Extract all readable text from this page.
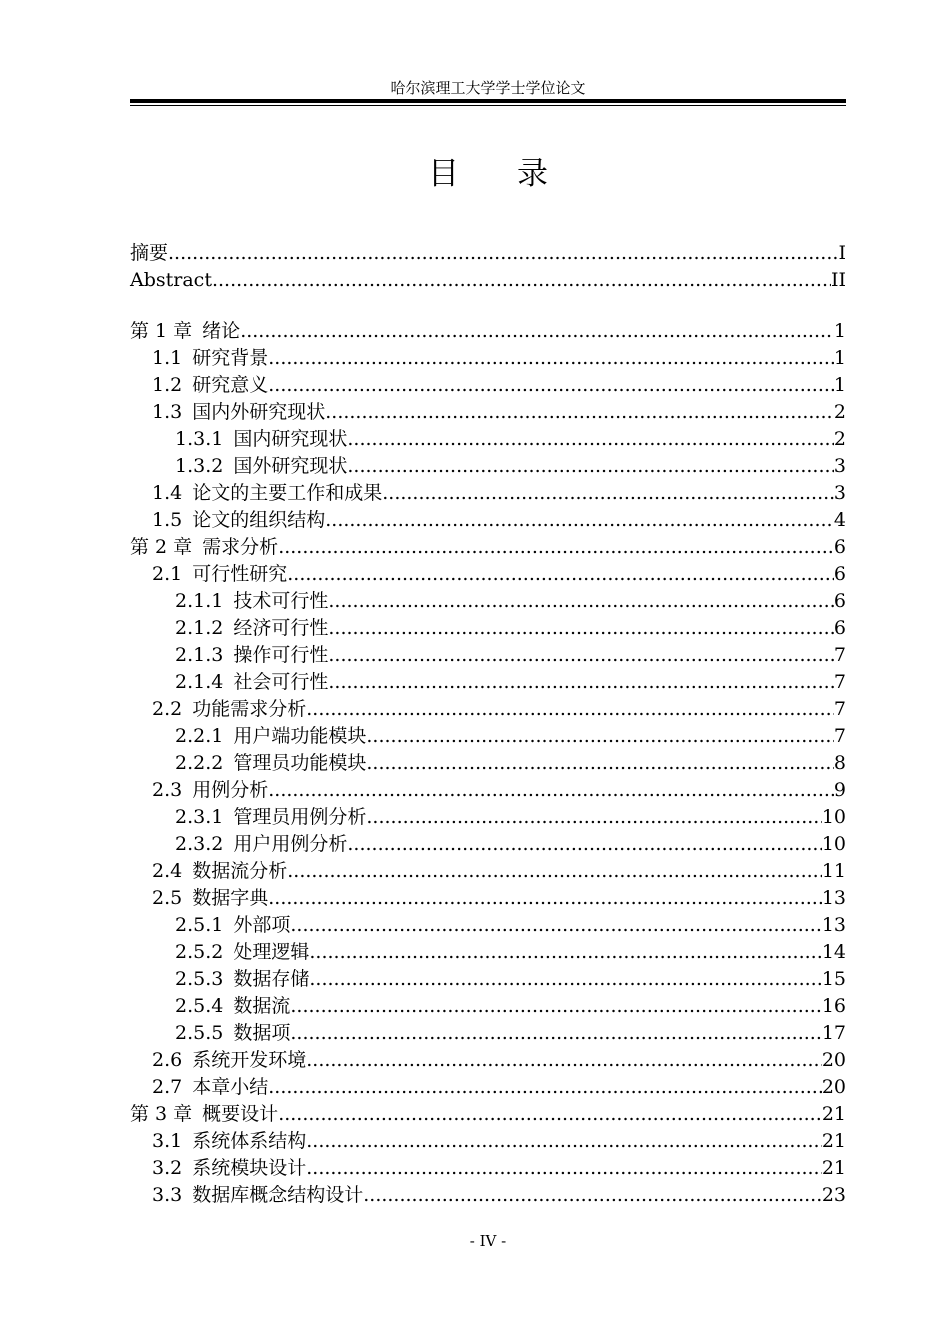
哈尔滨理工大学学士学位论文
目 录
摘要 .....	I
Abstract .....	II
第 1 章 绪论 .....	1
1.1 研究背景 .....	1
1.2 研究意义 .....	1
1.3 国内外研究现状 .....	2
1.3.1 国内研究现状 .....	2
1.3.2 国外研究现状 .....	3
1.4 论文的主要工作和成果 .....	3
1.5 论文的组织结构 .....	4
第 2 章 需求分析 .....	6
2.1 可行性研究 .....	6
2.1.1 技术可行性 .....	6
2.1.2 经济可行性 .....	6
2.1.3 操作可行性 .....	7
2.1.4 社会可行性 .....	7
2.2 功能需求分析 .....	7
2.2.1 用户端功能模块 .....	7
2.2.2 管理员功能模块 .....	8
2.3 用例分析 .....	9
2.3.1 管理员用例分析 .....	10
2.3.2 用户用例分析 .....	10
2.4 数据流分析 .....	11
2.5 数据字典 .....	13
2.5.1 外部项 .....	13
2.5.2 处理逻辑 .....	14
2.5.3 数据存储 .....	15
2.5.4 数据流 .....	16
2.5.5 数据项 .....	17
2.6 系统开发环境 .....	20
2.7 本章小结 .....	20
第 3 章 概要设计 .....	21
3.1 系统体系结构 .....	21
3.2 系统模块设计 .....	21
3.3 数据库概念结构设计 .....	23
- IV -
